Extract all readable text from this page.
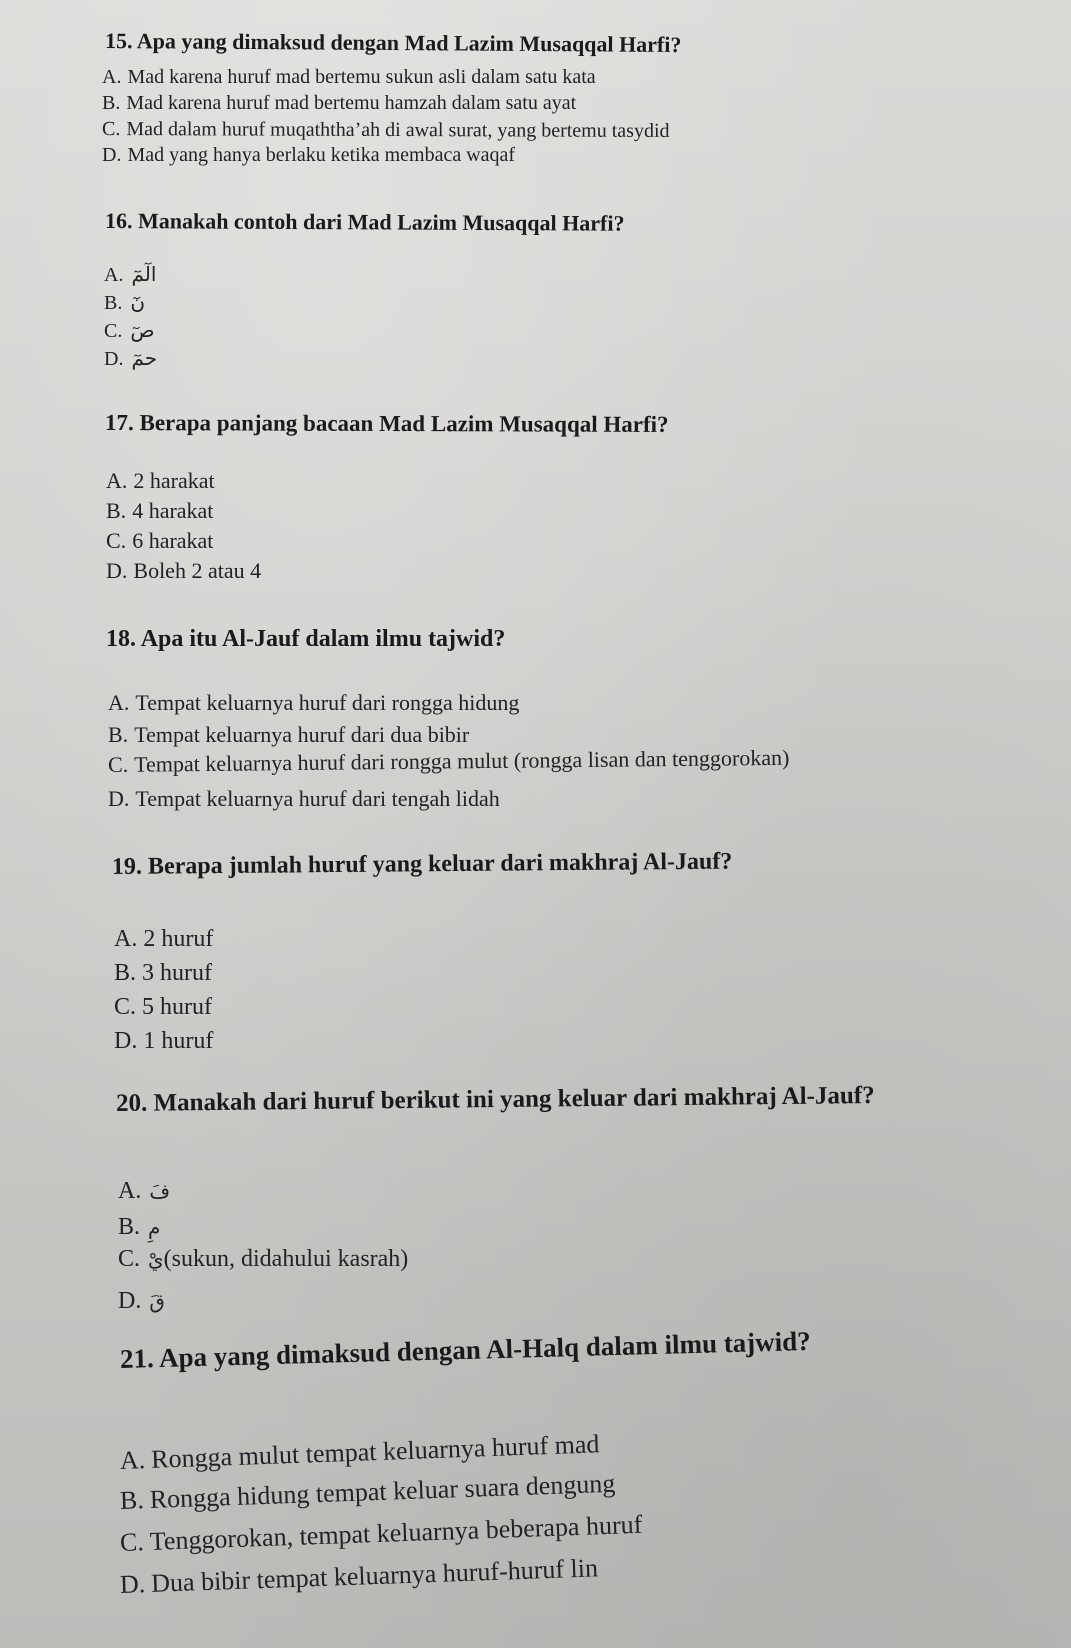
15. Apa yang dimaksud dengan Mad Lazim Musaqqal Harfi?
A. Mad karena huruf mad bertemu sukun asli dalam satu kata
B. Mad karena huruf mad bertemu hamzah dalam satu ayat
C. Mad dalam huruf muqaththa’ah di awal surat, yang bertemu tasydid
D. Mad yang hanya berlaku ketika membaca waqaf
16. Manakah contoh dari Mad Lazim Musaqqal Harfi?
A. الٓمٓ
B. نٓ
C. صٓ
D. حمٓ
17. Berapa panjang bacaan Mad Lazim Musaqqal Harfi?
A. 2 harakat
B. 4 harakat
C. 6 harakat
D. Boleh 2 atau 4
18. Apa itu Al-Jauf dalam ilmu tajwid?
A. Tempat keluarnya huruf dari rongga hidung
B. Tempat keluarnya huruf dari dua bibir
C. Tempat keluarnya huruf dari rongga mulut (rongga lisan dan tenggorokan)
D. Tempat keluarnya huruf dari tengah lidah
19. Berapa jumlah huruf yang keluar dari makhraj Al-Jauf?
A. 2 huruf
B. 3 huruf
C. 5 huruf
D. 1 huruf
20. Manakah dari huruf berikut ini yang keluar dari makhraj Al-Jauf?
A. فَ
B. مِ
C. يْ(sukun, didahului kasrah)
D. قَ
21. Apa yang dimaksud dengan Al-Halq dalam ilmu tajwid?
A. Rongga mulut tempat keluarnya huruf mad
B. Rongga hidung tempat keluar suara dengung
C. Tenggorokan, tempat keluarnya beberapa huruf
D. Dua bibir tempat keluarnya huruf-huruf lin
